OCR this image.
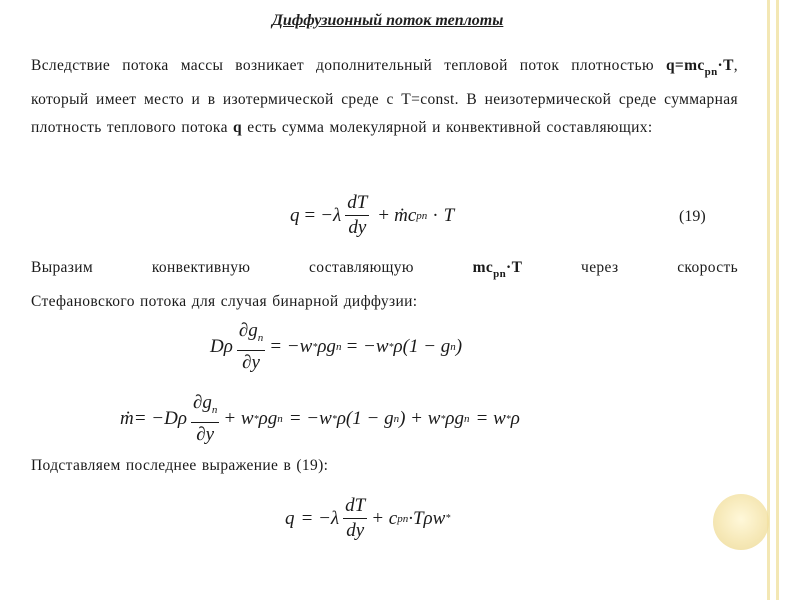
Диффузионный поток теплоты
Вследствие потока массы возникает дополнительный тепловой поток плотностью $q=mc_{pn}\cdot T$, который имеет место и в изотермической среде с T=const. В неизотермической среде суммарная плотность теплового потока q есть сумма молекулярной и конвективной составляющих:
q = − λ $\frac{dT}{dy}$ + ṁ c pn · T	(19)
Выразим конвективную составляющую $mc_{pn}\cdot T$ через скорость
Стефановского потока для случая бинарной диффузии:
Dρ $\frac{\partial g_n}{\partial y} = -w * \rho g$ n = −w * ρ(1 − g n )
ṁ = $-D\rho \frac{\partial g_n}{\partial y} + w * \rho g$ n = −w * ρ(1 − g n ) + w * ρg n = w * ρ
Подставляем последнее выражение в (19):
$q = -\lambda \frac{dT}{dy} + c$ pn ·Tρw *
